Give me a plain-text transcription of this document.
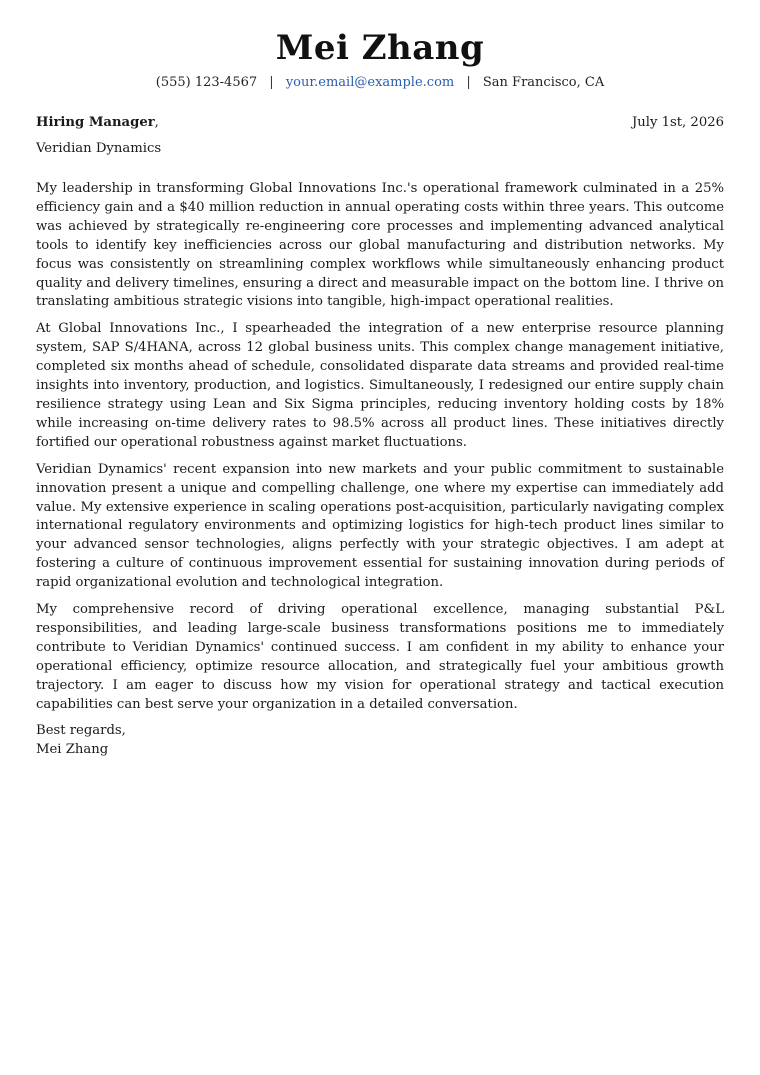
Mei Zhang
(555) 123-4567 | your.email@example.com | San Francisco, CA
Hiring Manager,	July 1st, 2026
Veridian Dynamics

My leadership in transforming Global Innovations Inc.'s operational framework culminated in a 25% efficiency gain and a $40 million reduction in annual operating costs within three years. This outcome was achieved by strategically re-engineering core processes and implementing advanced analytical tools to identify key inefficiencies across our global manufacturing and distribution networks. My focus was consistently on streamlining complex workflows while simultaneously enhancing product quality and delivery timelines, ensuring a direct and measurable impact on the bottom line. I thrive on translating ambitious strategic visions into tangible, high-impact operational realities.

At Global Innovations Inc., I spearheaded the integration of a new enterprise resource planning system, SAP S/4HANA, across 12 global business units. This complex change management initiative, completed six months ahead of schedule, consolidated disparate data streams and provided real-time insights into inventory, production, and logistics. Simultaneously, I redesigned our entire supply chain resilience strategy using Lean and Six Sigma principles, reducing inventory holding costs by 18% while increasing on-time delivery rates to 98.5% across all product lines. These initiatives directly fortified our operational robustness against market fluctuations.

Veridian Dynamics' recent expansion into new markets and your public commitment to sustainable innovation present a unique and compelling challenge, one where my expertise can immediately add value. My extensive experience in scaling operations post-acquisition, particularly navigating complex international regulatory environments and optimizing logistics for high-tech product lines similar to your advanced sensor technologies, aligns perfectly with your strategic objectives. I am adept at fostering a culture of continuous improvement essential for sustaining innovation during periods of rapid organizational evolution and technological integration.

My comprehensive record of driving operational excellence, managing substantial P&L responsibilities, and leading large-scale business transformations positions me to immediately contribute to Veridian Dynamics' continued success. I am confident in my ability to enhance your operational efficiency, optimize resource allocation, and strategically fuel your ambitious growth trajectory. I am eager to discuss how my vision for operational strategy and tactical execution capabilities can best serve your organization in a detailed conversation.

Best regards,
Mei Zhang
